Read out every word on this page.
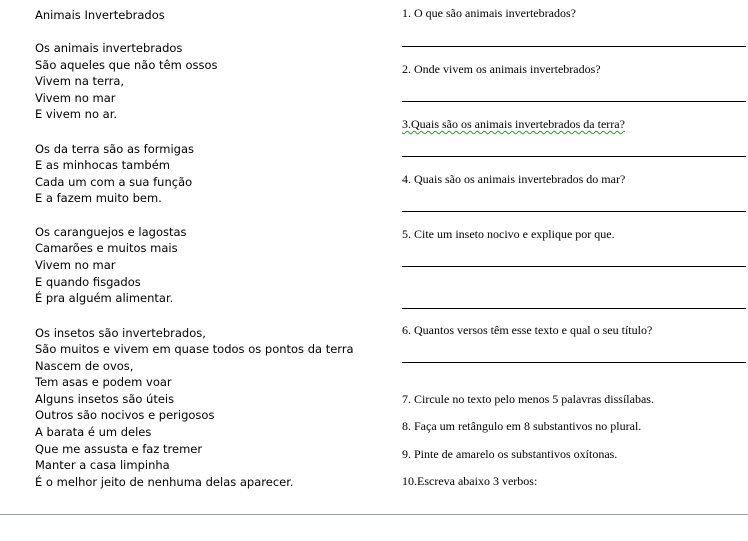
Animais Invertebrados
Os animais invertebrados
São aqueles que não têm ossos
Vivem na terra,
Vivem no mar
E vivem no ar.
Os da terra são as formigas
E as minhocas também
Cada um com a sua função
E a fazem muito bem.
Os caranguejos e lagostas
Camarões e muitos mais
Vivem no mar
E quando fisgados
É pra alguém alimentar.
Os insetos são invertebrados,
São muitos e vivem em quase todos os pontos da terra
Nascem de ovos,
Tem asas e podem voar
Alguns insetos são úteis
Outros são nocivos e perigosos
A barata é um deles
Que me assusta e faz tremer
Manter a casa limpinha
É o melhor jeito de nenhuma delas aparecer.
1. O que são animais invertebrados?
2. Onde vivem os animais invertebrados?
3.Quais são os animais invertebrados da terra?
4. Quais são os animais invertebrados do mar?
5. Cite um inseto nocivo e explique por que.
6. Quantos versos têm esse texto e qual o seu título?
7. Circule no texto pelo menos 5 palavras dissílabas.
8. Faça um retângulo em 8 substantivos no plural.
9. Pinte de amarelo os substantivos oxítonas.
10.Escreva abaixo 3 verbos:
